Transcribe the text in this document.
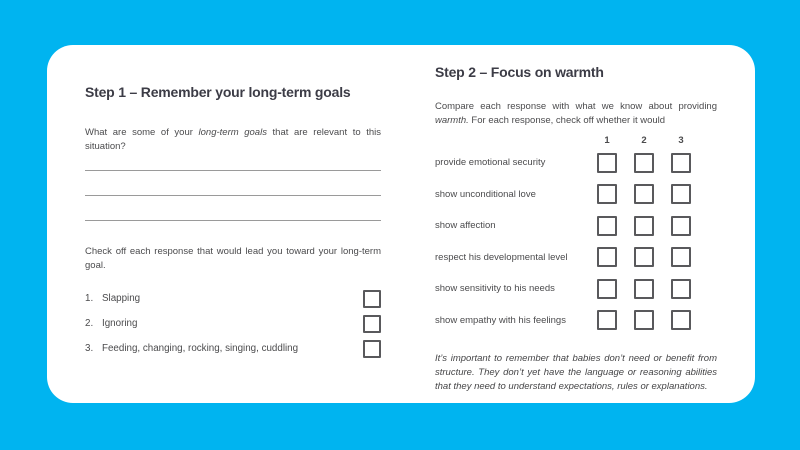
Step 1 – Remember your long-term goals

What are some of your long-term goals that are relevant to this situation?

Check off each response that would lead you toward your long-term goal.

1. Slapping
2. Ignoring
3. Feeding, changing, rocking, singing, cuddling
Step 2 – Focus on warmth

Compare each response with what we know about providing warmth. For each response, check off whether it would

1	2	3
provide emotional security
show unconditional love
show affection
respect his developmental level
show sensitivity to his needs
show empathy with his feelings

It’s important to remember that babies don’t need or benefit from structure. They don’t yet have the language or reasoning abilities that they need to understand expectations, rules or explanations.
